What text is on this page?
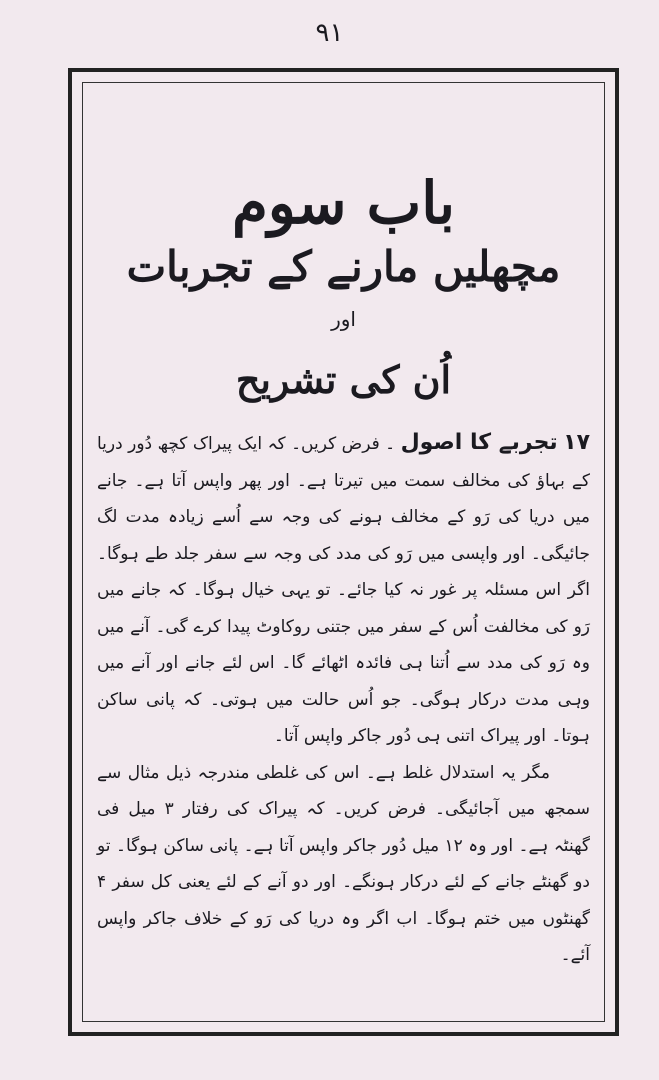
۹۱
باب سوم
مچھلیں مارنے کے تجربات
اور
اُن کی تشریح

۱۷ تجربے کا اصول ۔ فرض کریں۔ کہ ایک پیراک کچھ دُور دریا کے بہاؤ کی مخالف سمت میں تیرتا ہے۔ اور پھر واپس آتا ہے۔ جانے میں دریا کی رَو کے مخالف ہونے کی وجہ سے اُسے زیادہ مدت لگ جائیگی۔ اور واپسی میں رَو کی مدد کی وجہ سے سفر جلد طے ہوگا۔ اگر اس مسئلہ پر غور نہ کیا جائے۔ تو یہی خیال ہوگا۔ کہ جانے میں رَو کی مخالفت اُس کے سفر میں جتنی روکاوٹ پیدا کرے گی۔ آنے میں وہ رَو کی مدد سے اُتنا ہی فائدہ اٹھائے گا۔ اس لئے جانے اور آنے میں وہی مدت درکار ہوگی۔ جو اُس حالت میں ہوتی۔ کہ پانی ساکن ہوتا۔ اور پیراک اتنی ہی دُور جاکر واپس آتا۔

مگر یہ استدلال غلط ہے۔ اس کی غلطی مندرجہ ذیل مثال سے سمجھ میں آجائیگی۔ فرض کریں۔ کہ پیراک کی رفتار ۳ میل فی گھنٹہ ہے۔ اور وہ ۱۲ میل دُور جاکر واپس آتا ہے۔ پانی ساکن ہوگا۔ تو دو گھنٹے جانے کے لئے درکار ہونگے۔ اور دو آنے کے لئے یعنی کل سفر ۴ گھنٹوں میں ختم ہوگا۔ اب اگر وہ دریا کی رَو کے خلاف جاکر واپس آئے۔
